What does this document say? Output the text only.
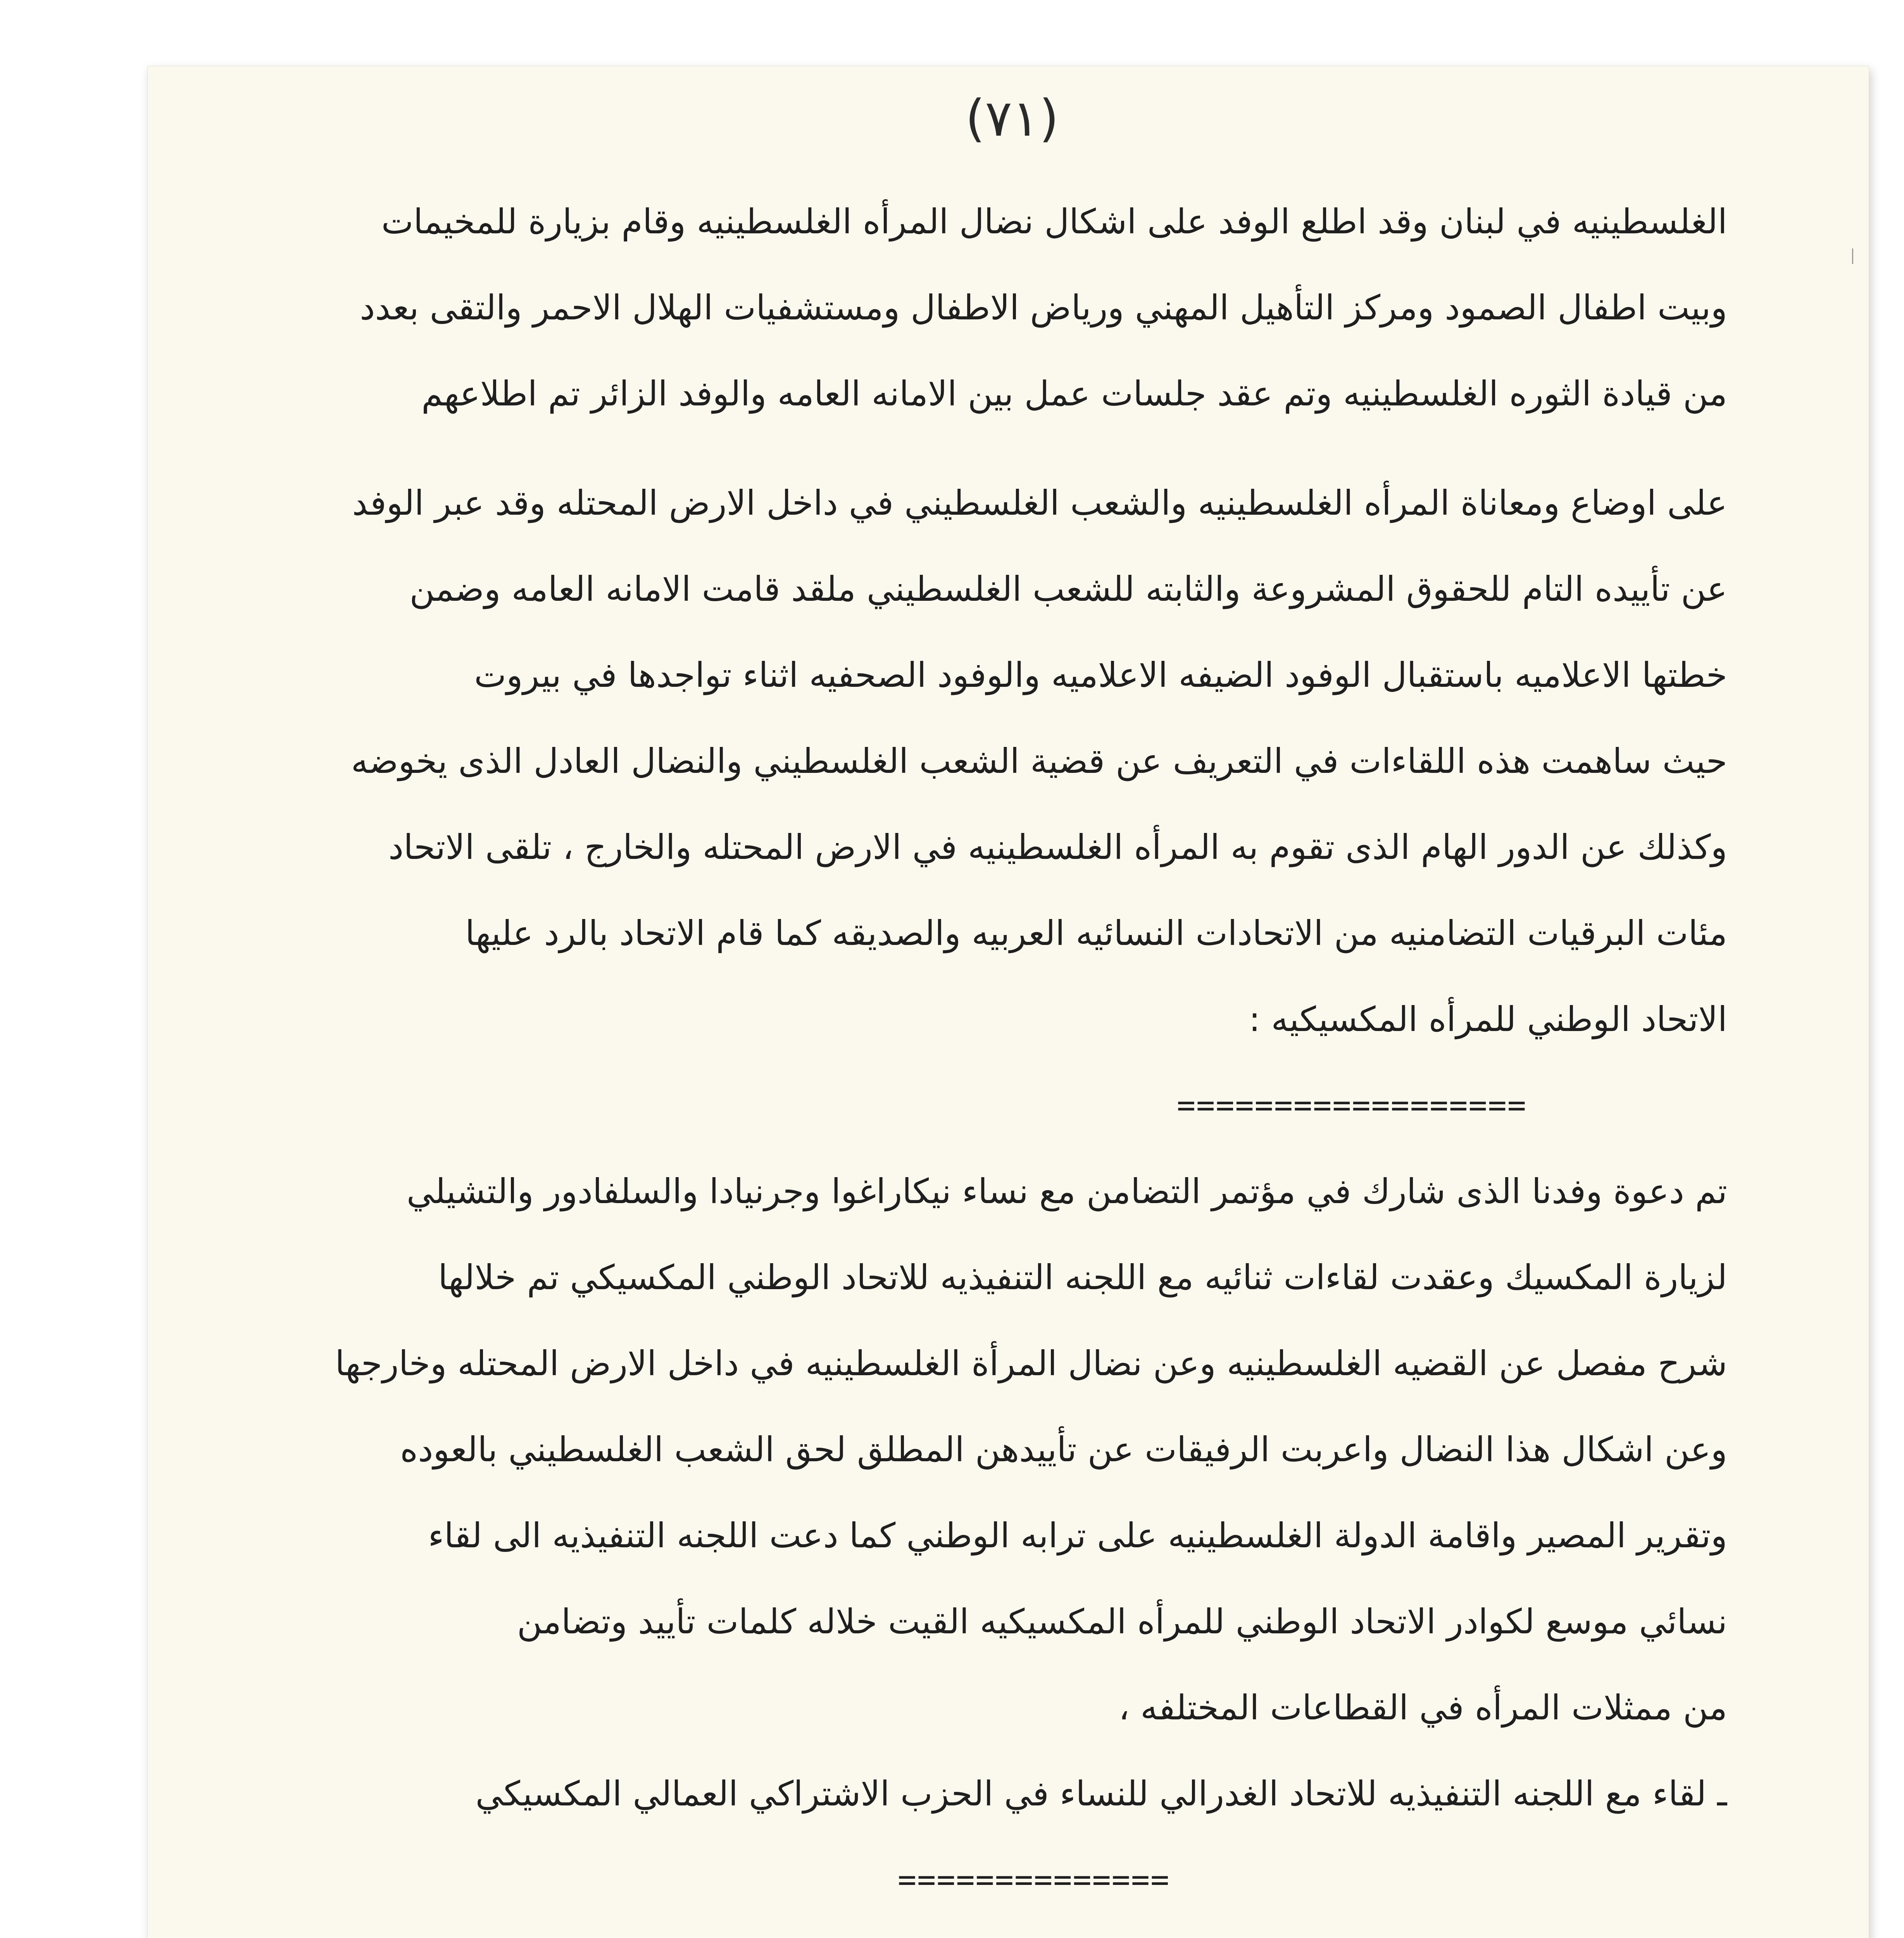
(٧١)
الغلسطينيه في لبنان وقد اطلع الوفد على اشكال نضال المرأه الغلسطينيه وقام بزيارة للمخيمات
وبيت اطفال الصمود ومركز التأهيل المهني ورياض الاطفال ومستشفيات الهلال الاحمر والتقى بعدد
من قيادة الثوره الغلسطينيه وتم عقد جلسات عمل بين الامانه العامه والوفد الزائر تم اطلاعهم
على اوضاع ومعاناة المرأه الغلسطينيه والشعب الغلسطيني في داخل الارض المحتله وقد عبر الوفد
عن تأييده التام للحقوق المشروعة والثابته للشعب الغلسطيني ملقد قامت الامانه العامه وضمن
خطتها الاعلاميه باستقبال الوفود الضيفه الاعلاميه والوفود الصحفيه اثناء تواجدها في بيروت
حيث ساهمت هذه اللقاءات في التعريف عن قضية الشعب الغلسطيني والنضال العادل الذى يخوضه
وكذلك عن الدور الهام الذى تقوم به المرأه الغلسطينيه في الارض المحتله والخارج ، تلقى الاتحاد
مئات البرقيات التضامنيه من الاتحادات النسائيه العربيه والصديقه كما قام الاتحاد بالرد عليها
الاتحاد الوطني للمرأه المكسيكيه :
==================
تم دعوة وفدنا الذى شارك في مؤتمر التضامن مع نساء نيكاراغوا وجرنيادا والسلفادور والتشيلي
لزيارة المكسيك وعقدت لقاءات ثنائيه مع اللجنه التنفيذيه للاتحاد الوطني المكسيكي تم خلالها
شرح مفصل عن القضيه الغلسطينيه وعن نضال المرأة الغلسطينيه في داخل الارض المحتله وخارجها
وعن اشكال هذا النضال واعربت الرفيقات عن تأييدهن المطلق لحق الشعب الغلسطيني بالعوده
وتقرير المصير واقامة الدولة الغلسطينيه على ترابه الوطني كما دعت اللجنه التنفيذيه الى لقاء
نسائي موسع لكوادر الاتحاد الوطني للمرأه المكسيكيه القيت خلاله كلمات تأييد وتضامن
من ممثلات المرأه في القطاعات المختلفه ،
ـ لقاء مع اللجنه التنفيذيه للاتحاد الغدرالي للنساء في الحزب الاشتراكي العمالي المكسيكي
==============
